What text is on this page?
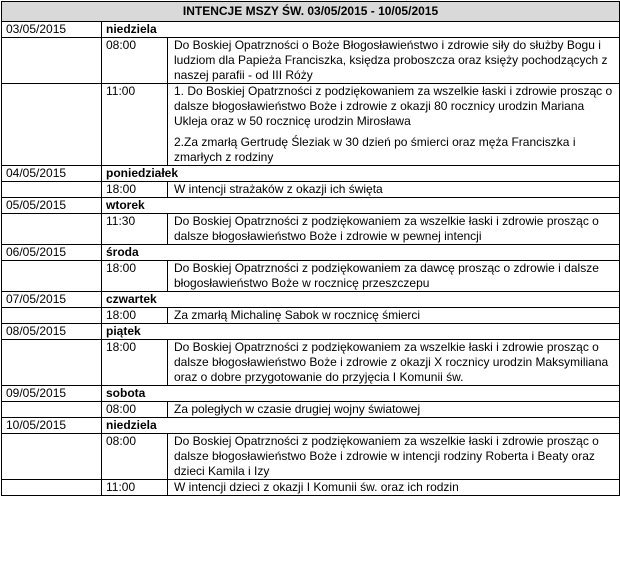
INTENCJE MSZY ŚW. 03/05/2015 - 10/05/2015		
03/05/2015	niedziela	
	08:00	Do Boskiej Opatrzności o Boże Błogosławieństwo i zdrowie siły do służby Bogu i ludziom dla Papieża Franciszka, księdza proboszcza oraz księży pochodzących z naszej parafii - od III Róży

	11:00	1. Do Boskiej Opatrzności z podziękowaniem za wszelkie łaski i zdrowie prosząc o dalsze błogosławieństwo Boże i zdrowie z okazji 80 rocznicy urodzin Mariana Ukleja oraz w 50 rocznicę urodzin Mirosława
2.Za zmarłą Gertrudę Śleziak w 30 dzień po śmierci oraz męża Franciszka i zmarłych z rodziny

04/05/2015	poniedziałek	
	18:00	W intencji strażaków z okazji ich święta

05/05/2015	wtorek	
	11:30	Do Boskiej Opatrzności z podziękowaniem za wszelkie łaski i zdrowie prosząc o dalsze błogosławieństwo Boże i zdrowie w pewnej intencji

06/05/2015	środa	
	18:00	Do Boskiej Opatrzności z podziękowaniem za dawcę prosząc o zdrowie i dalsze błogosławieństwo Boże w rocznicę przeszczepu

07/05/2015	czwartek	
	18:00	Za zmarłą Michalinę Sabok w rocznicę śmierci

08/05/2015	piątek	
	18:00	Do Boskiej Opatrzności z podziękowaniem za wszelkie łaski i zdrowie prosząc o dalsze błogosławieństwo Boże i zdrowie z okazji X rocznicy urodzin Maksymiliana oraz o dobre przygotowanie do przyjęcia I Komunii św.

09/05/2015	sobota	
	08:00	Za poległych w czasie drugiej wojny światowej

10/05/2015	niedziela	
	08:00	Do Boskiej Opatrzności z podziękowaniem za wszelkie łaski i zdrowie prosząc o dalsze błogosławieństwo Boże i zdrowie w intencji rodziny Roberta i Beaty oraz dzieci Kamila i Izy

	11:00	W intencji dzieci z okazji I Komunii św. oraz ich rodzin
